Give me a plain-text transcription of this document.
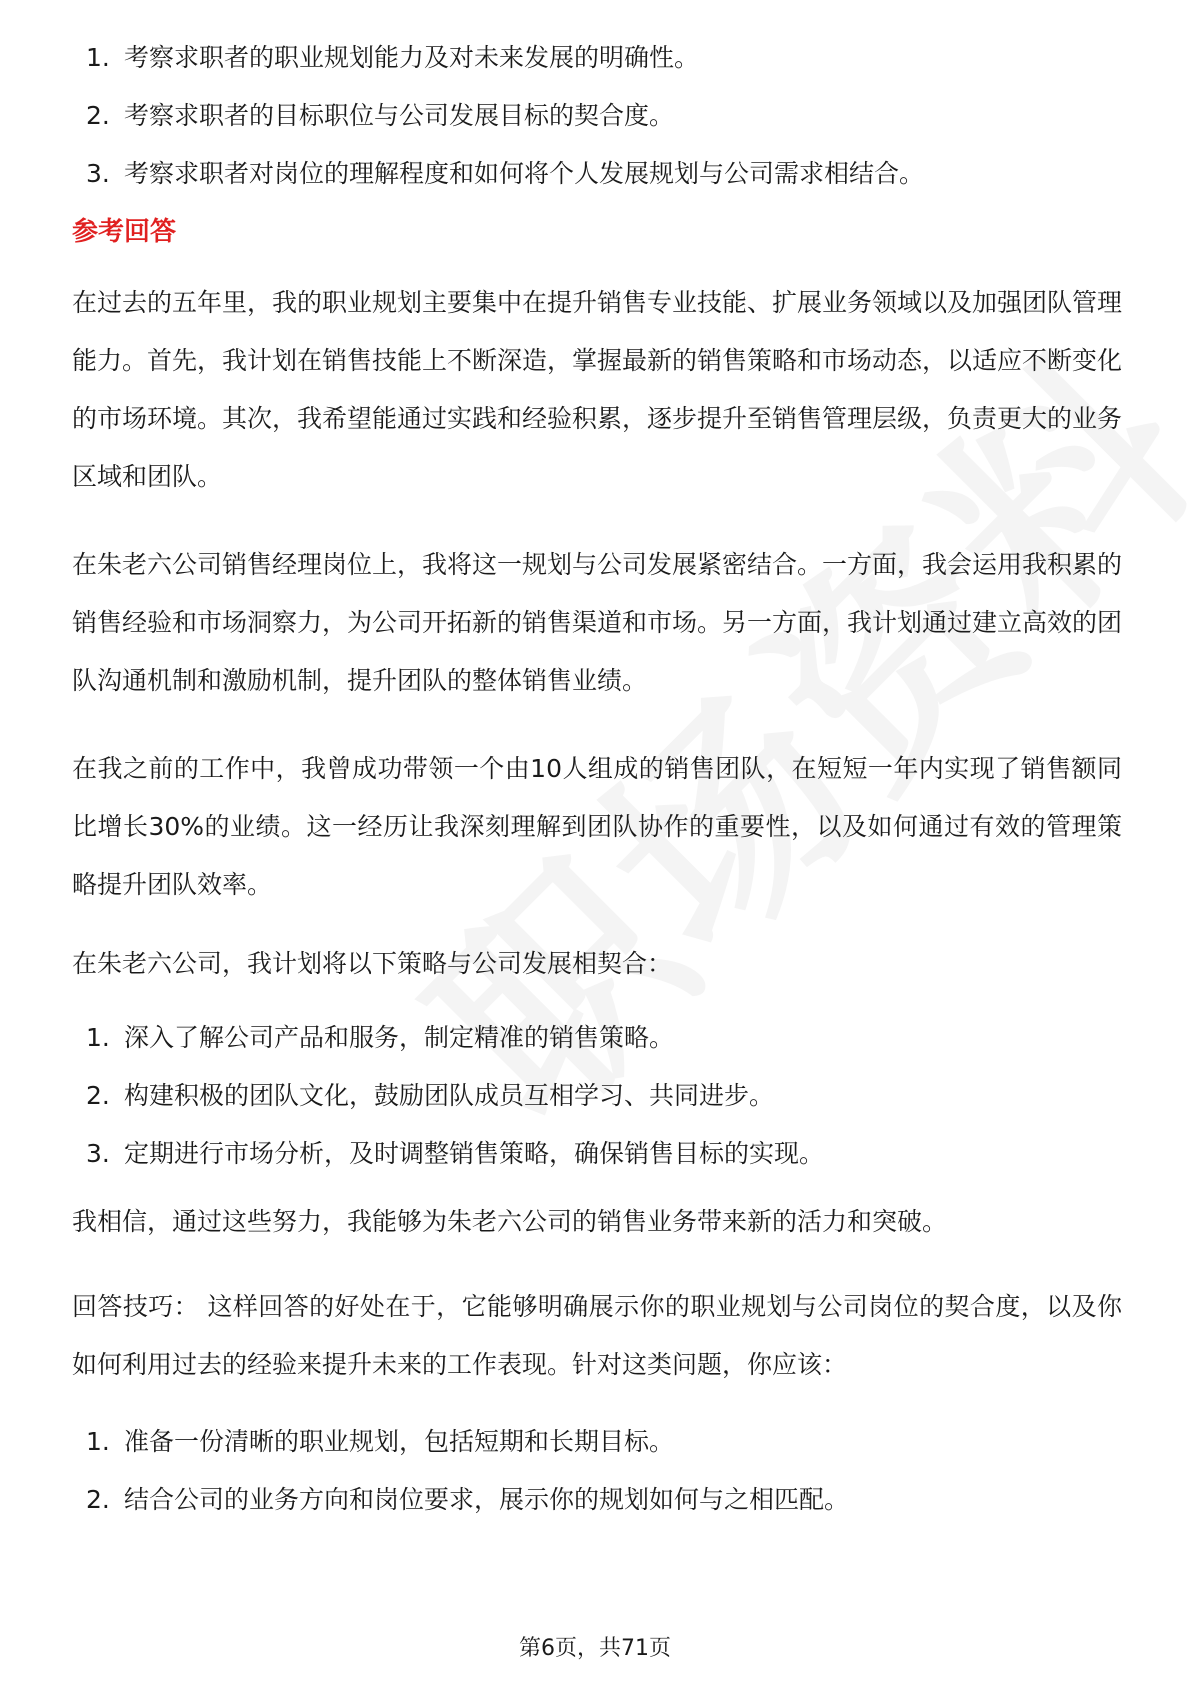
1. 考察求职者的职业规划能力及对未来发展的明确性。
2. 考察求职者的目标职位与公司发展目标的契合度。
3. 考察求职者对岗位的理解程度和如何将个人发展规划与公司需求相结合。
参考回答

在过去的五年里，我的职业规划主要集中在提升销售专业技能、扩展业务领域以及加强团队管理能力。首先，我计划在销售技能上不断深造，掌握最新的销售策略和市场动态，以适应不断变化的市场环境。其次，我希望能通过实践和经验积累，逐步提升至销售管理层级，负责更大的业务区域和团队。

在朱老六公司销售经理岗位上，我将这一规划与公司发展紧密结合。一方面，我会运用我积累的销售经验和市场洞察力，为公司开拓新的销售渠道和市场。另一方面，我计划通过建立高效的团队沟通机制和激励机制，提升团队的整体销售业绩。

在我之前的工作中，我曾成功带领一个由10人组成的销售团队，在短短一年内实现了销售额同比增长30%的业绩。这一经历让我深刻理解到团队协作的重要性，以及如何通过有效的管理策略提升团队效率。

在朱老六公司，我计划将以下策略与公司发展相契合：

1. 深入了解公司产品和服务，制定精准的销售策略。
2. 构建积极的团队文化，鼓励团队成员互相学习、共同进步。
3. 定期进行市场分析，及时调整销售策略，确保销售目标的实现。

我相信，通过这些努力，我能够为朱老六公司的销售业务带来新的活力和突破。

回答技巧： 这样回答的好处在于，它能够明确展示你的职业规划与公司岗位的契合度，以及你如何利用过去的经验来提升未来的工作表现。针对这类问题，你应该：

1. 准备一份清晰的职业规划，包括短期和长期目标。
2. 结合公司的业务方向和岗位要求，展示你的规划如何与之相匹配。
第6页，共71页
